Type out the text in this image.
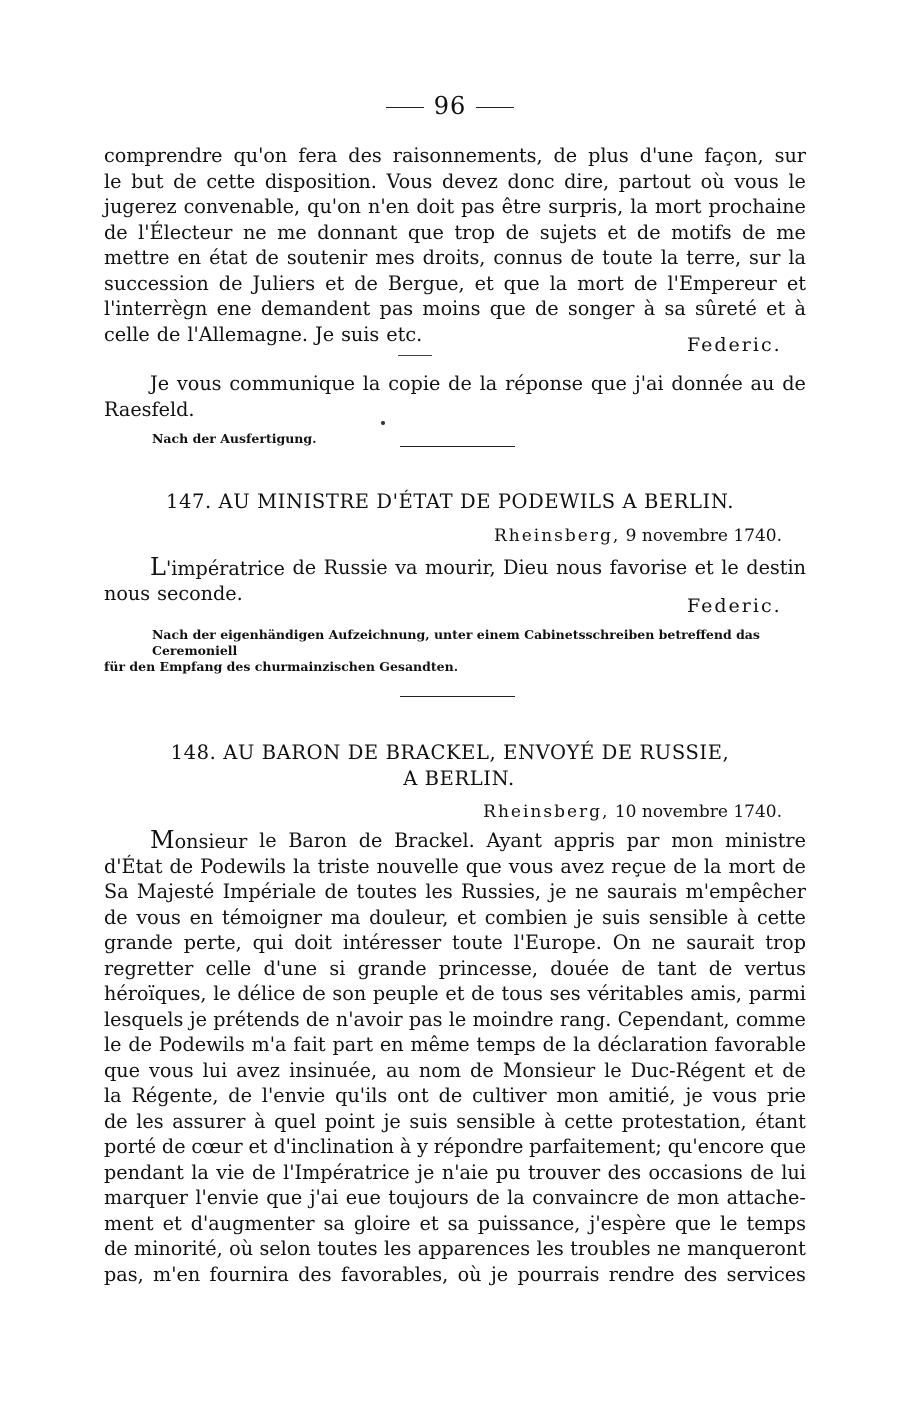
96
comprendre qu'on fera des raisonnements, de plus d'une façon, sur
le but de cette disposition. Vous devez donc dire, partout où vous le
jugerez convenable, qu'on n'en doit pas être surpris, la mort prochaine
de l'Électeur ne me donnant que trop de sujets et de motifs de me
mettre en état de soutenir mes droits, connus de toute la terre, sur la
succession de Juliers et de Bergue, et que la mort de l'Empereur et
l'interrègn ene demandent pas moins que de songer à sa sûreté et à
celle de l'Allemagne. Je suis etc.	Federic.
Je vous communique la copie de la réponse que j'ai donnée au de
Raesfeld.
Nach der Ausfertigung.
147. AU MINISTRE D'ÉTAT DE PODEWILS A BERLIN.
Rheinsberg, 9 novembre 1740.
L'impératrice de Russie va mourir, Dieu nous favorise et le destin
nous seconde.
Federic.
Nach der eigenhändigen Aufzeichnung, unter einem Cabinetsschreiben betreffend das Ceremoniell
für den Empfang des churmainzischen Gesandten.
148. AU BARON DE BRACKEL, ENVOYÉ DE RUSSIE,
A BERLIN.
Rheinsberg, 10 novembre 1740.
Monsieur le Baron de Brackel. Ayant appris par mon ministre
d'État de Podewils la triste nouvelle que vous avez reçue de la mort de
Sa Majesté Impériale de toutes les Russies, je ne saurais m'empêcher
de vous en témoigner ma douleur, et combien je suis sensible à cette
grande perte, qui doit intéresser toute l'Europe. On ne saurait trop
regretter celle d'une si grande princesse, douée de tant de vertus
héroïques, le délice de son peuple et de tous ses véritables amis, parmi
lesquels je prétends de n'avoir pas le moindre rang. Cependant, comme
le de Podewils m'a fait part en même temps de la déclaration favorable
que vous lui avez insinuée, au nom de Monsieur le Duc-Régent et de
la Régente, de l'envie qu'ils ont de cultiver mon amitié, je vous prie
de les assurer à quel point je suis sensible à cette protestation, étant
porté de cœur et d'inclination à y répondre parfaitement; qu'encore que
pendant la vie de l'Impératrice je n'aie pu trouver des occasions de lui
marquer l'envie que j'ai eue toujours de la convaincre de mon attache-
ment et d'augmenter sa gloire et sa puissance, j'espère que le temps
de minorité, où selon toutes les apparences les troubles ne manqueront
pas, m'en fournira des favorables, où je pourrais rendre des services
